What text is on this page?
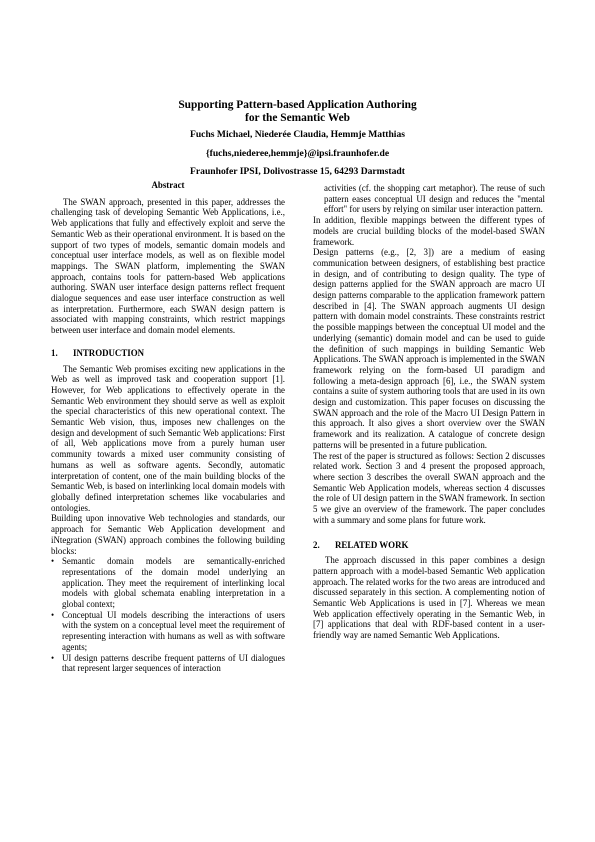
Supporting Pattern-based Application Authoring
for the Semantic Web
Fuchs Michael, Niederée Claudia, Hemmje Matthias
{fuchs,niederee,hemmje}@ipsi.fraunhofer.de
Fraunhofer IPSI, Dolivostrasse 15, 64293 Darmstadt
Abstract

The SWAN approach, presented in this paper, addresses the challenging task of developing Semantic Web Applications, i.e., Web applications that fully and effectively exploit and serve the Semantic Web as their operational environment. It is based on the support of two types of models, semantic domain models and conceptual user interface models, as well as on flexible model mappings. The SWAN platform, implementing the SWAN approach, contains tools for pattern-based Web applications authoring. SWAN user interface design patterns reflect frequent dialogue sequences and ease user interface construction as well as interpretation. Furthermore, each SWAN design pattern is associated with mapping constraints, which restrict mappings between user interface and domain model elements.

1. INTRODUCTION

The Semantic Web promises exciting new applications in the Web as well as improved task and cooperation support [1]. However, for Web applications to effectively operate in the Semantic Web environment they should serve as well as exploit the special characteristics of this new operational context. The Semantic Web vision, thus, imposes new challenges on the design and development of such Semantic Web applications: First of all, Web applications move from a purely human user community towards a mixed user community consisting of humans as well as software agents. Secondly, automatic interpretation of content, one of the main building blocks of the Semantic Web, is based on interlinking local domain models with globally defined interpretation schemes like vocabularies and ontologies.

Building upon innovative Web technologies and standards, our approach for Semantic Web Application development and iNtegration (SWAN) approach combines the following building blocks:

• Semantic domain models are semantically-enriched representations of the domain model underlying an application. They meet the requirement of interlinking local models with global schemata enabling interpretation in a global context;
• Conceptual UI models describing the interactions of users with the system on a conceptual level meet the requirement of representing interaction with humans as well as with software agents;
• UI design patterns describe frequent patterns of UI dialogues that represent larger sequences of interaction

activities (cf. the shopping cart metaphor). The reuse of such pattern eases conceptual UI design and reduces the "mental effort" for users by relying on similar user interaction pattern.

In addition, flexible mappings between the different types of models are crucial building blocks of the model-based SWAN framework.

Design patterns (e.g., [2, 3]) are a medium of easing communication between designers, of establishing best practice in design, and of contributing to design quality. The type of design patterns applied for the SWAN approach are macro UI design patterns comparable to the application framework pattern described in [4]. The SWAN approach augments UI design pattern with domain model constraints. These constraints restrict the possible mappings between the conceptual UI model and the underlying (semantic) domain model and can be used to guide the definition of such mappings in building Semantic Web Applications. The SWAN approach is implemented in the SWAN framework relying on the form-based UI paradigm and following a meta-design approach [6], i.e., the SWAN system contains a suite of system authoring tools that are used in its own design and customization. This paper focuses on discussing the SWAN approach and the role of the Macro UI Design Pattern in this approach. It also gives a short overview over the SWAN framework and its realization. A catalogue of concrete design patterns will be presented in a future publication.

The rest of the paper is structured as follows: Section 2 discusses related work. Section 3 and 4 present the proposed approach, where section 3 describes the overall SWAN approach and the Semantic Web Application models, whereas section 4 discusses the role of UI design pattern in the SWAN framework. In section 5 we give an overview of the framework. The paper concludes with a summary and some plans for future work.

2. RELATED WORK

The approach discussed in this paper combines a design pattern approach with a model-based Semantic Web application approach. The related works for the two areas are introduced and discussed separately in this section. A complementing notion of Semantic Web Applications is used in [7]. Whereas we mean Web application effectively operating in the Semantic Web, in [7] applications that deal with RDF-based content in a user-friendly way are named Semantic Web Applications.
